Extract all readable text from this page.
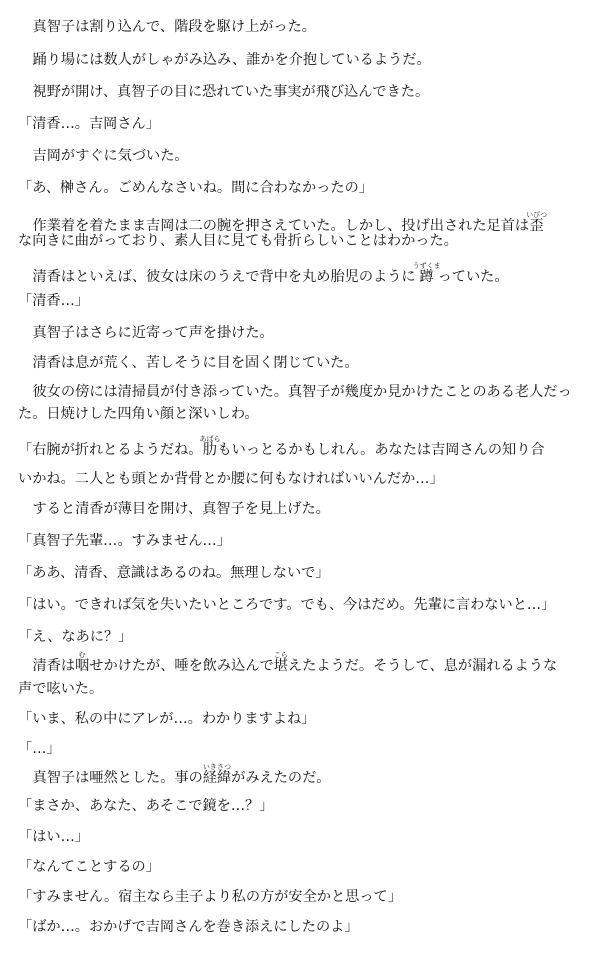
真智子は割り込んで、階段を駆け上がった。
踊り場には数人がしゃがみ込み、誰かを介抱しているようだ。
視野が開け、真智子の目に恐れていた事実が飛び込んできた。
「清香…。吉岡さん」
吉岡がすぐに気づいた。
「あ、榊さん。ごめんなさいね。間に合わなかったの」
作業着を着たまま吉岡は二の腕を押さえていた。しかし、投げ出された足首は歪いびつ
な向きに曲がっており、素人目に見ても骨折らしいことはわかった。
清香はといえば、彼女は床のうえで背中を丸め胎児のように蹲うずくまっていた。
「清香…」
真智子はさらに近寄って声を掛けた。
清香は息が荒く、苦しそうに目を固く閉じていた。
彼女の傍には清掃員が付き添っていた。真智子が幾度か見かけたことのある老人だっ
た。日焼けした四角い顔と深いしわ。
「右腕が折れとるようだね。肋あばらもいっとるかもしれん。あなたは吉岡さんの知り合
いかね。二人とも頭とか背骨とか腰に何もなければいいんだか…」
すると清香が薄目を開け、真智子を見上げた。
「真智子先輩…。すみません…」
「ああ、清香、意識はあるのね。無理しないで」
「はい。できれば気を失いたいところです。でも、今はだめ。先輩に言わないと…」
「え、なあに？」
清香は咽むせかけたが、唾を飲み込んで堪こらえたようだ。そうして、息が漏れるような
声で呟いた。
「いま、私の中にアレが…。わかりますよね」
「…」
真智子は唖然とした。事の経緯いきさつがみえたのだ。
「まさか、あなた、あそこで鏡を…？」
「はい…」
「なんてことするの」
「すみません。宿主なら圭子より私の方が安全かと思って」
「ばか…。おかげで吉岡さんを巻き添えにしたのよ」
